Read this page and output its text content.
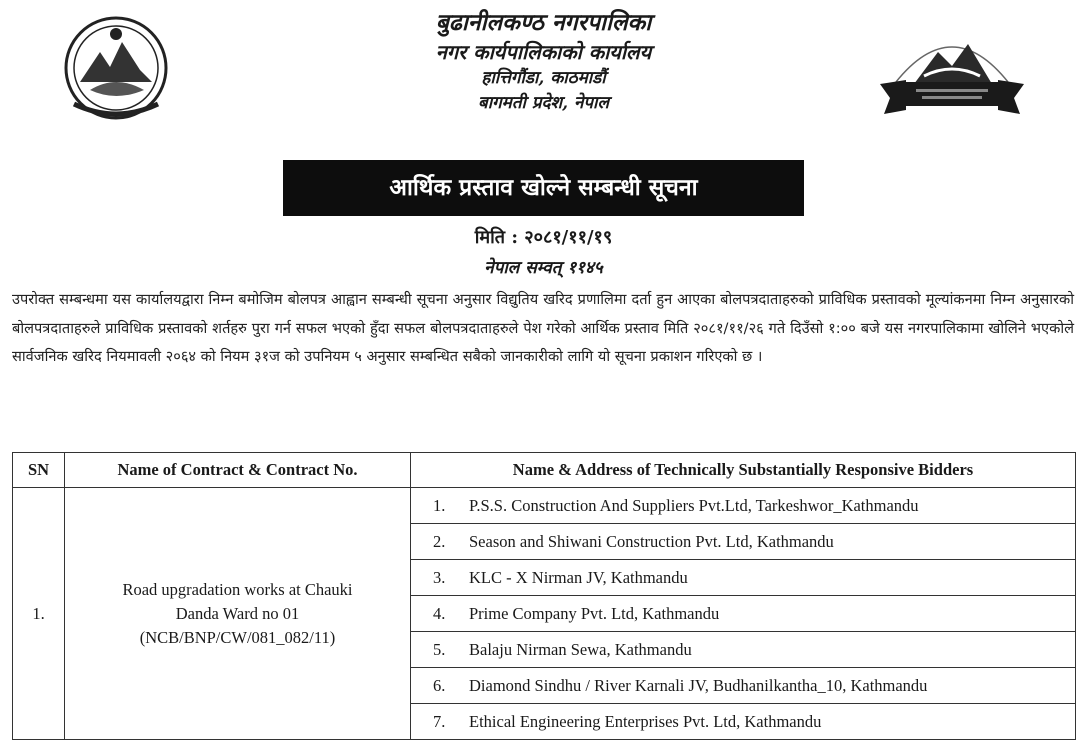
बुढानीलकण्ठ नगरपालिका
नगर कार्यपालिकाको कार्यालय
हात्तिगौंडा, काठमाडौं
बागमती प्रदेश, नेपाल
आर्थिक प्रस्ताव खोल्ने सम्बन्धी सूचना
मिति : २०८१/११/१९
नेपाल सम्वत् ११४५
उपरोक्त सम्बन्धमा यस कार्यालयद्वारा निम्न बमोजिम बोलपत्र आह्वान सम्बन्धी सूचना अनुसार विद्युतिय खरिद प्रणालिमा दर्ता हुन आएका बोलपत्रदाताहरुको प्राविधिक प्रस्तावको मूल्यांकनमा निम्न अनुसारको बोलपत्रदाताहरुले प्राविधिक प्रस्तावको शर्तहरु पुरा गर्न सफल भएको हुँदा सफल बोलपत्रदाताहरुले पेश गरेको आर्थिक प्रस्ताव मिति २०८१/११/२६ गते दिउँसो १:०० बजे यस नगरपालिकामा खोलिने भएकोले सार्वजनिक खरिद नियमावली २०६४ को नियम ३१ज को उपनियम ५ अनुसार सम्बन्धित सबैको जानकारीको लागि यो सूचना प्रकाशन गरिएको छ ।
SN	Name of Contract & Contract No.	Name & Address of Technically Substantially Responsive Bidders
1.	Road upgradation works at Chauki
Danda Ward no 01
(NCB/BNP/CW/081_082/11)	1. P.S.S. Construction And Suppliers Pvt.Ltd, Tarkeshwor_Kathmandu
		2. Season and Shiwani Construction Pvt. Ltd, Kathmandu
		3. KLC - X Nirman JV, Kathmandu
		4. Prime Company Pvt. Ltd, Kathmandu
		5. Balaju Nirman Sewa, Kathmandu
		6. Diamond Sindhu / River Karnali JV, Budhanilkantha_10, Kathmandu
		7. Ethical Engineering Enterprises Pvt. Ltd, Kathmandu
